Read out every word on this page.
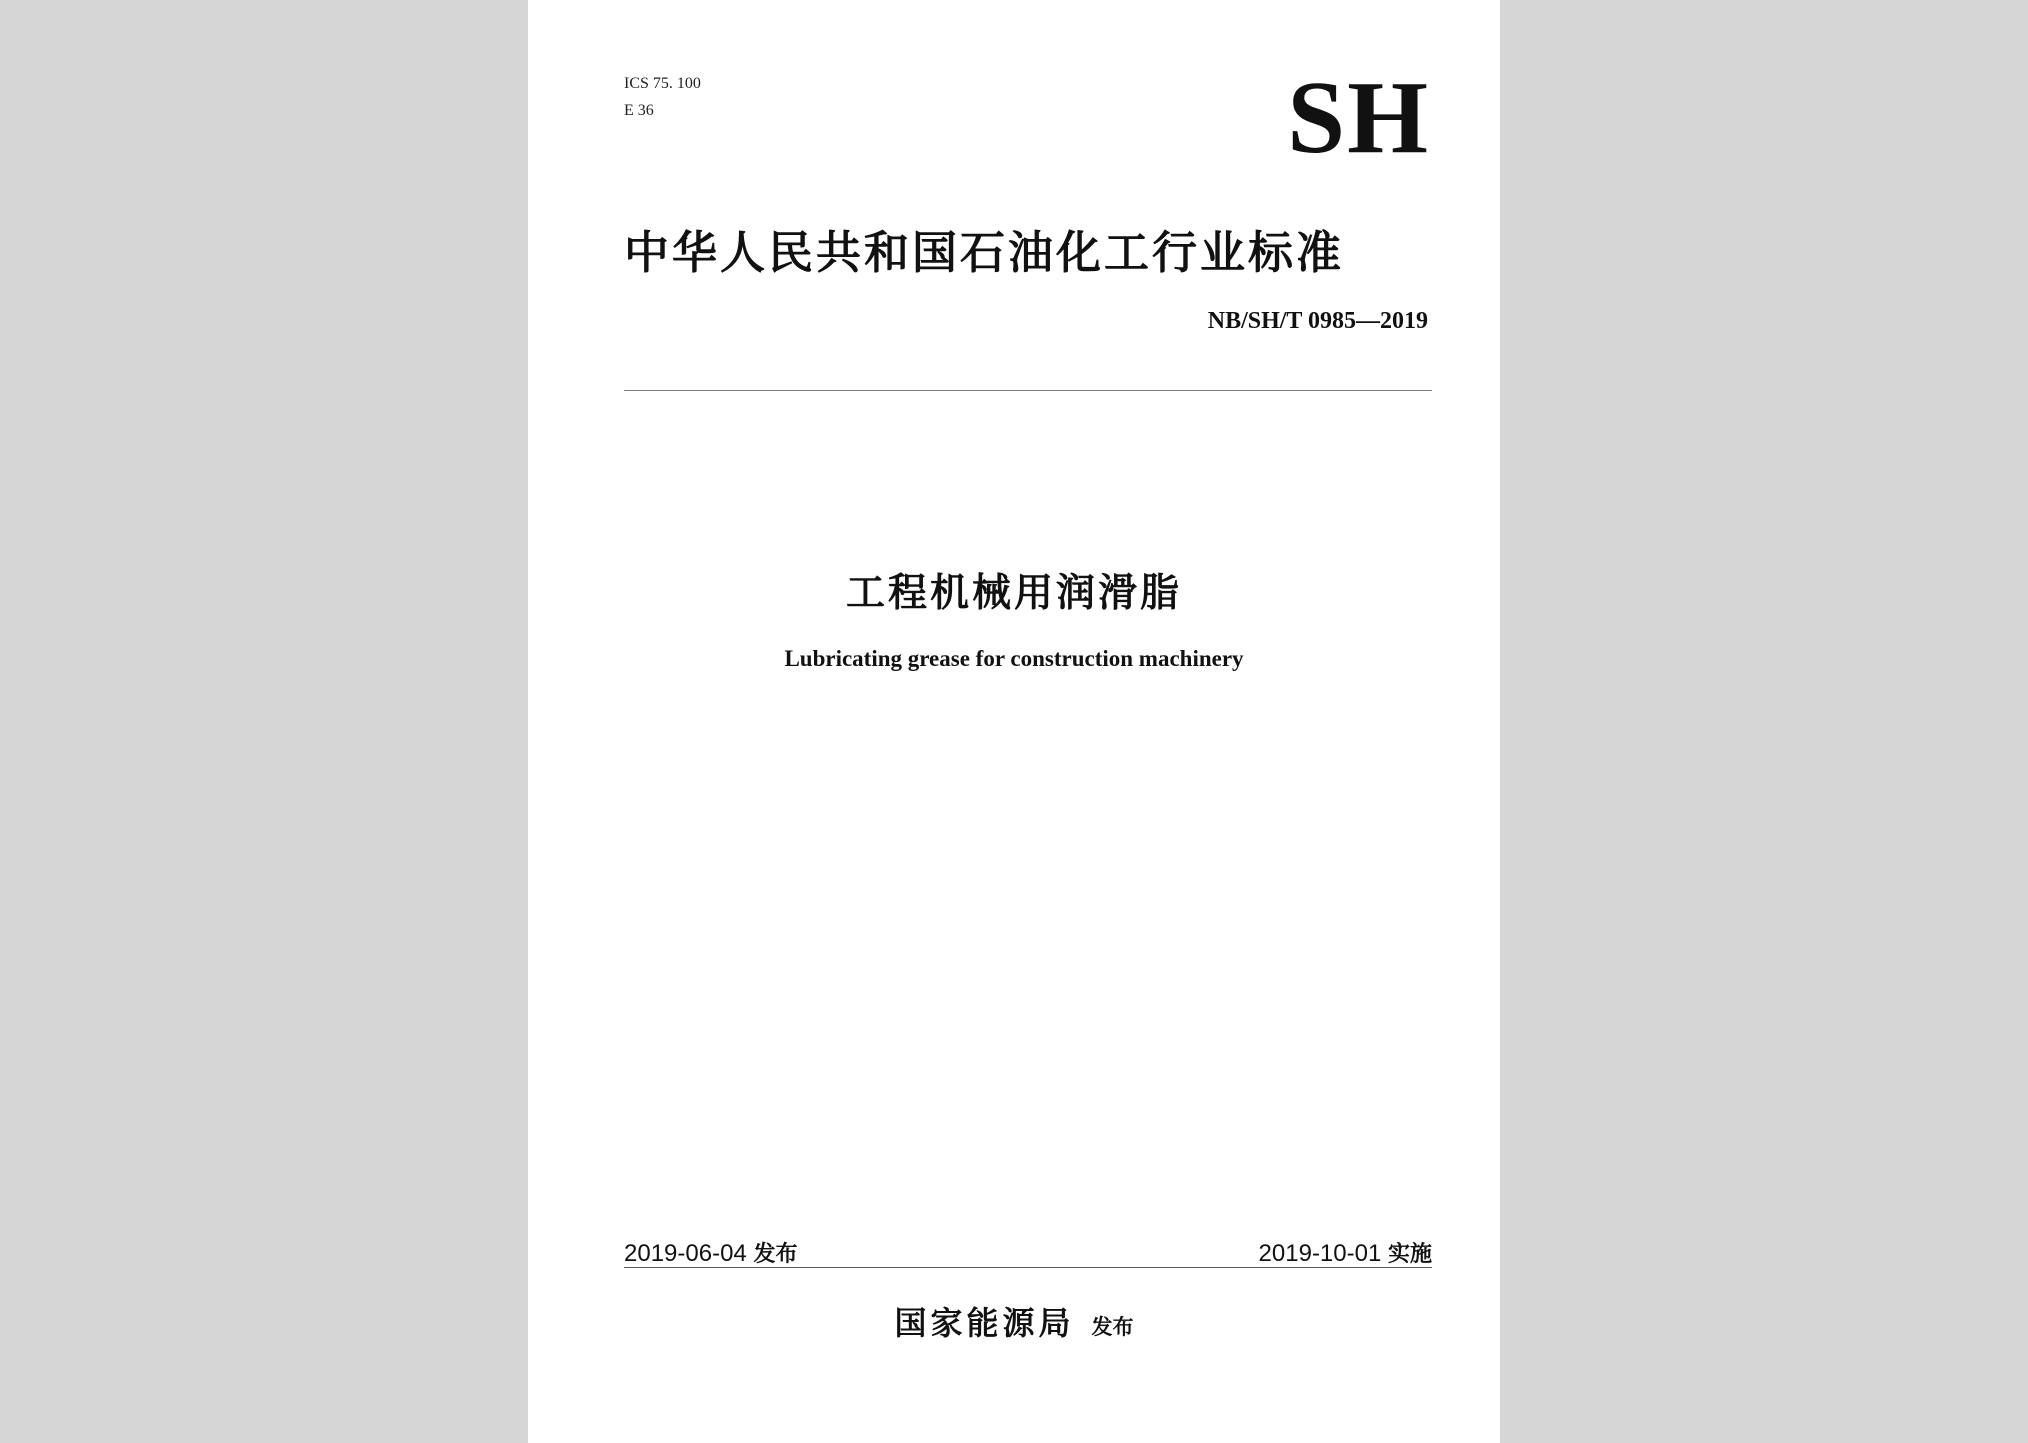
ICS 75. 100
E 36	SH
中华人民共和国石油化工行业标准
NB/SH/T 0985—2019
工程机械用润滑脂
Lubricating grease for construction machinery
2019-06-04 发布	2019-10-01 实施
国家能源局 发布
